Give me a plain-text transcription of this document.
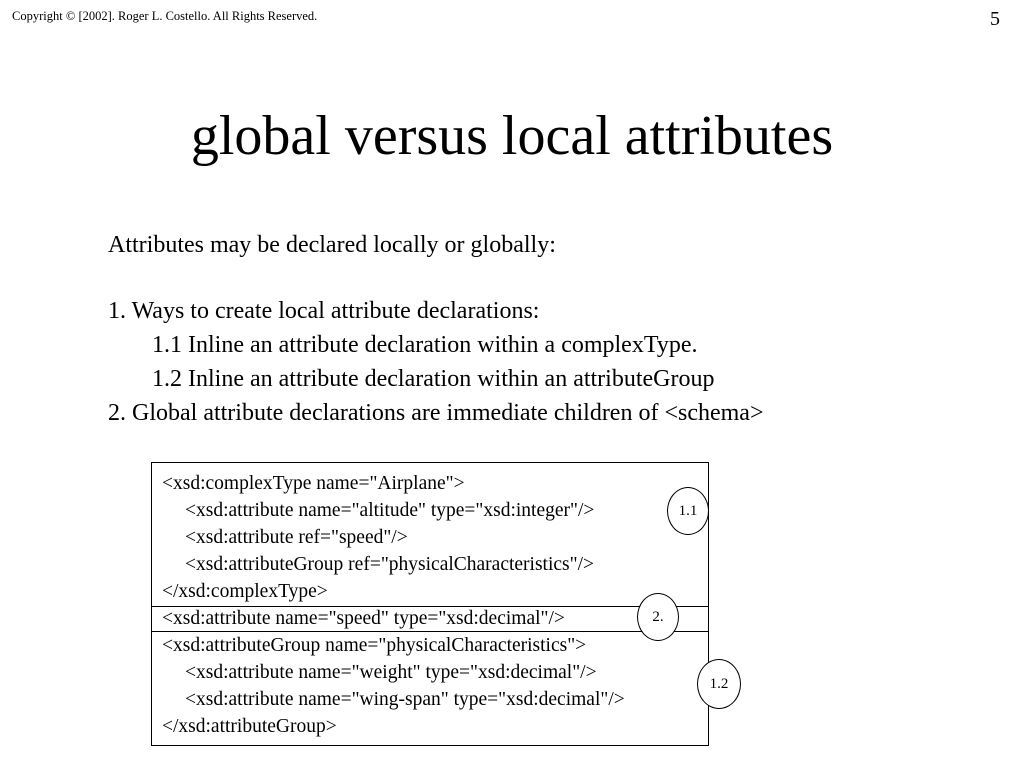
Copyright © [2002]. Roger L. Costello. All Rights Reserved.	5
global versus local attributes
Attributes may be declared locally or globally:
1. Ways to create local attribute declarations:
1.1 Inline an attribute declaration within a complexType.
1.2 Inline an attribute declaration within an attributeGroup
2. Global attribute declarations are immediate children of <schema>
<xsd:complexType name="Airplane">
<xsd:attribute name="altitude" type="xsd:integer"/>
<xsd:attribute ref="speed"/>
<xsd:attributeGroup ref="physicalCharacteristics"/>
</xsd:complexType>
<xsd:attribute name="speed" type="xsd:decimal"/>
<xsd:attributeGroup name="physicalCharacteristics">
<xsd:attribute name="weight" type="xsd:decimal"/>
<xsd:attribute name="wing-span" type="xsd:decimal"/>
</xsd:attributeGroup>
1.1
2.
1.2
